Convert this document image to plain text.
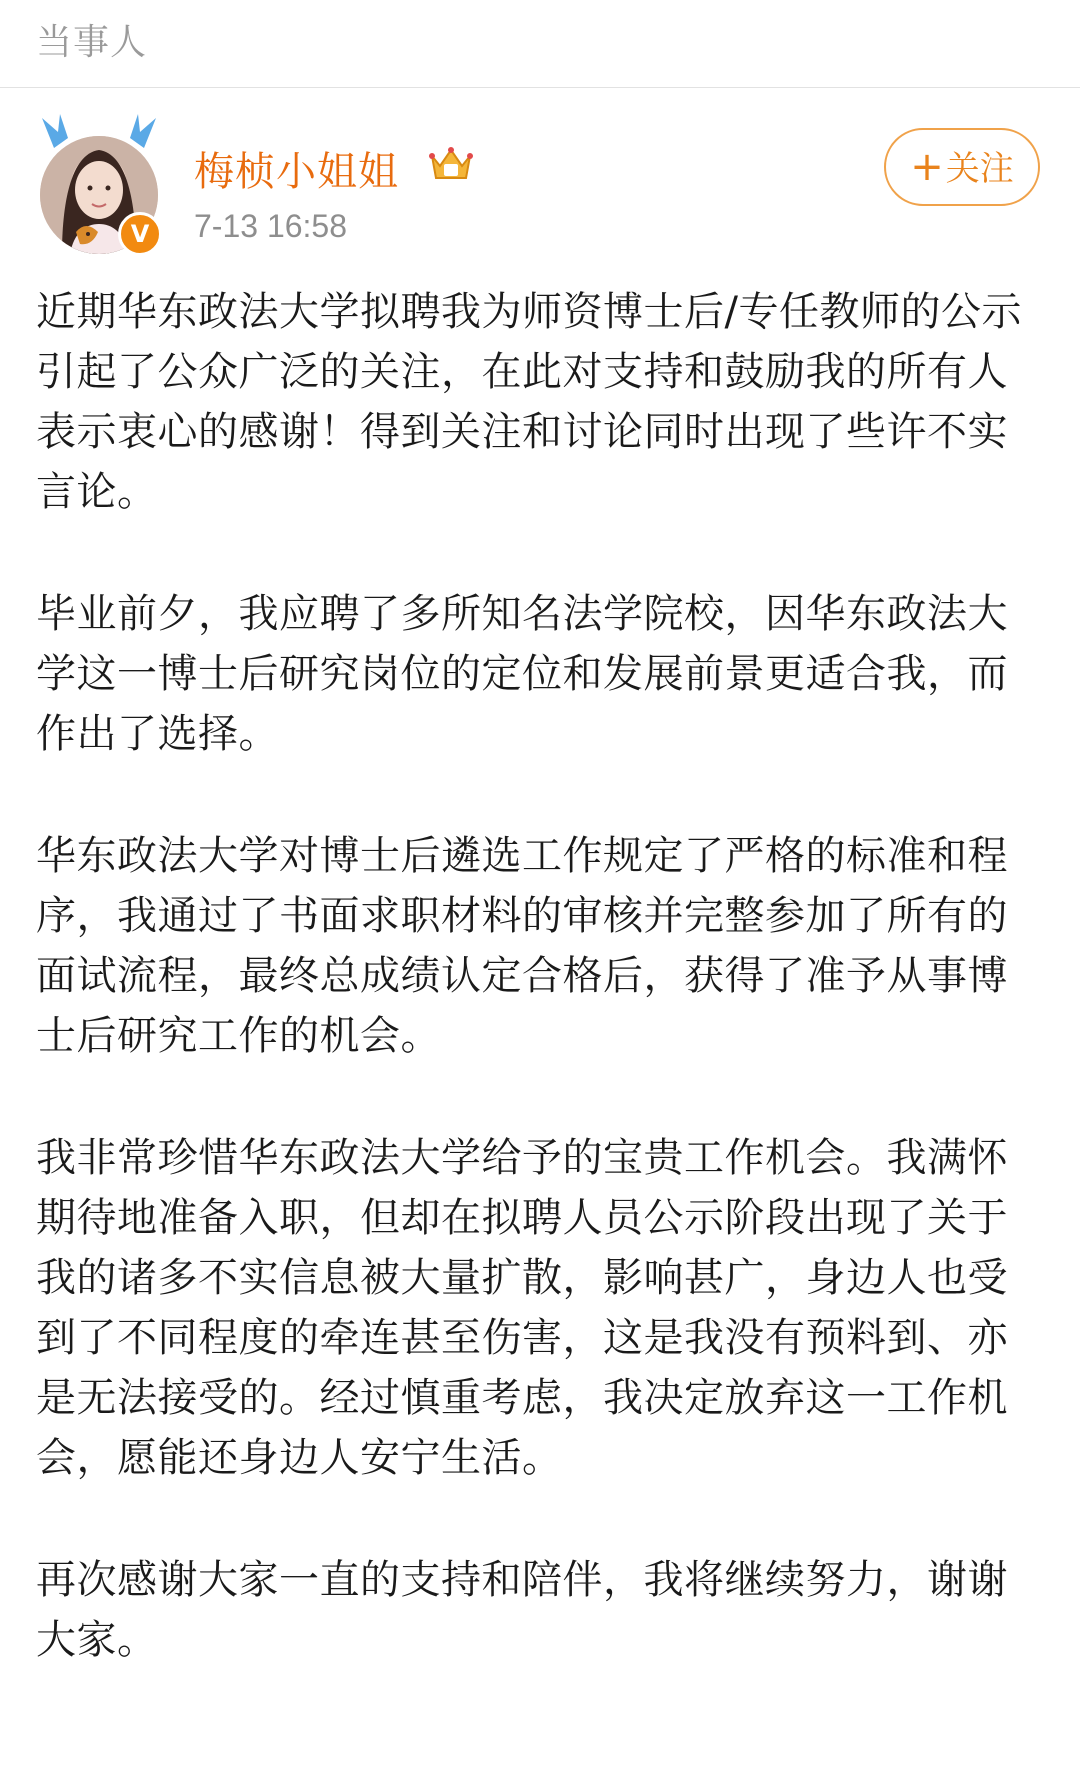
当事人
V
梅桢小姐姐
7-13 16:58
+关注

近期华东政法大学拟聘我为师资博士后/专任教师的公示引起了公众广泛的关注，在此对支持和鼓励我的所有人表示衷心的感谢！得到关注和讨论同时出现了些许不实言论。

毕业前夕，我应聘了多所知名法学院校，因华东政法大学这一博士后研究岗位的定位和发展前景更适合我，而作出了选择。

华东政法大学对博士后遴选工作规定了严格的标准和程序，我通过了书面求职材料的审核并完整参加了所有的面试流程，最终总成绩认定合格后，获得了准予从事博士后研究工作的机会。

我非常珍惜华东政法大学给予的宝贵工作机会。我满怀期待地准备入职，但却在拟聘人员公示阶段出现了关于我的诸多不实信息被大量扩散，影响甚广，身边人也受到了不同程度的牵连甚至伤害，这是我没有预料到、亦是无法接受的。经过慎重考虑，我决定放弃这一工作机会，愿能还身边人安宁生活。

再次感谢大家一直的支持和陪伴，我将继续努力，谢谢大家。
